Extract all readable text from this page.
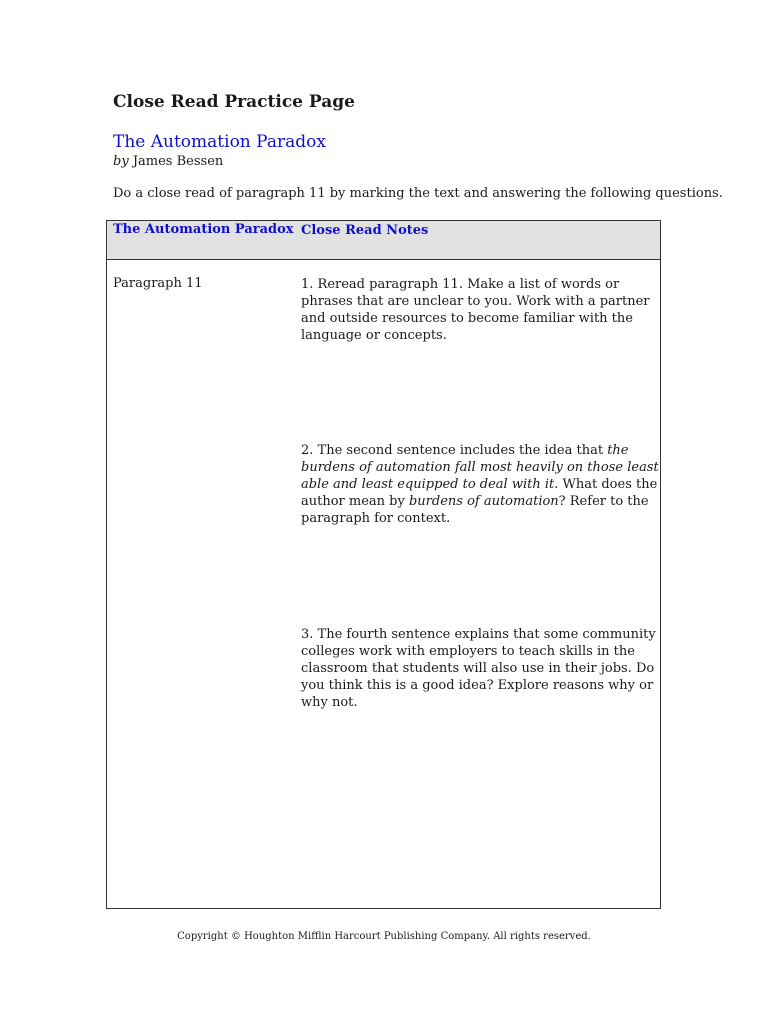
Close Read Practice Page
The Automation Paradox
by James Bessen
Do a close read of paragraph 11 by marking the text and answering the following questions.
The Automation Paradox Close Read Notes
Paragraph 11	1. Reread paragraph 11. Make a list of words or phrases that are unclear to you. Work with a partner and outside resources to become familiar with the language or concepts.
2. The second sentence includes the idea that the burdens of automation fall most heavily on those least able and least equipped to deal with it. What does the author mean by burdens of automation? Refer to the paragraph for context.
3. The fourth sentence explains that some community colleges work with employers to teach skills in the classroom that students will also use in their jobs. Do you think this is a good idea? Explore reasons why or why not.
Copyright © Houghton Mifflin Harcourt Publishing Company. All rights reserved.
